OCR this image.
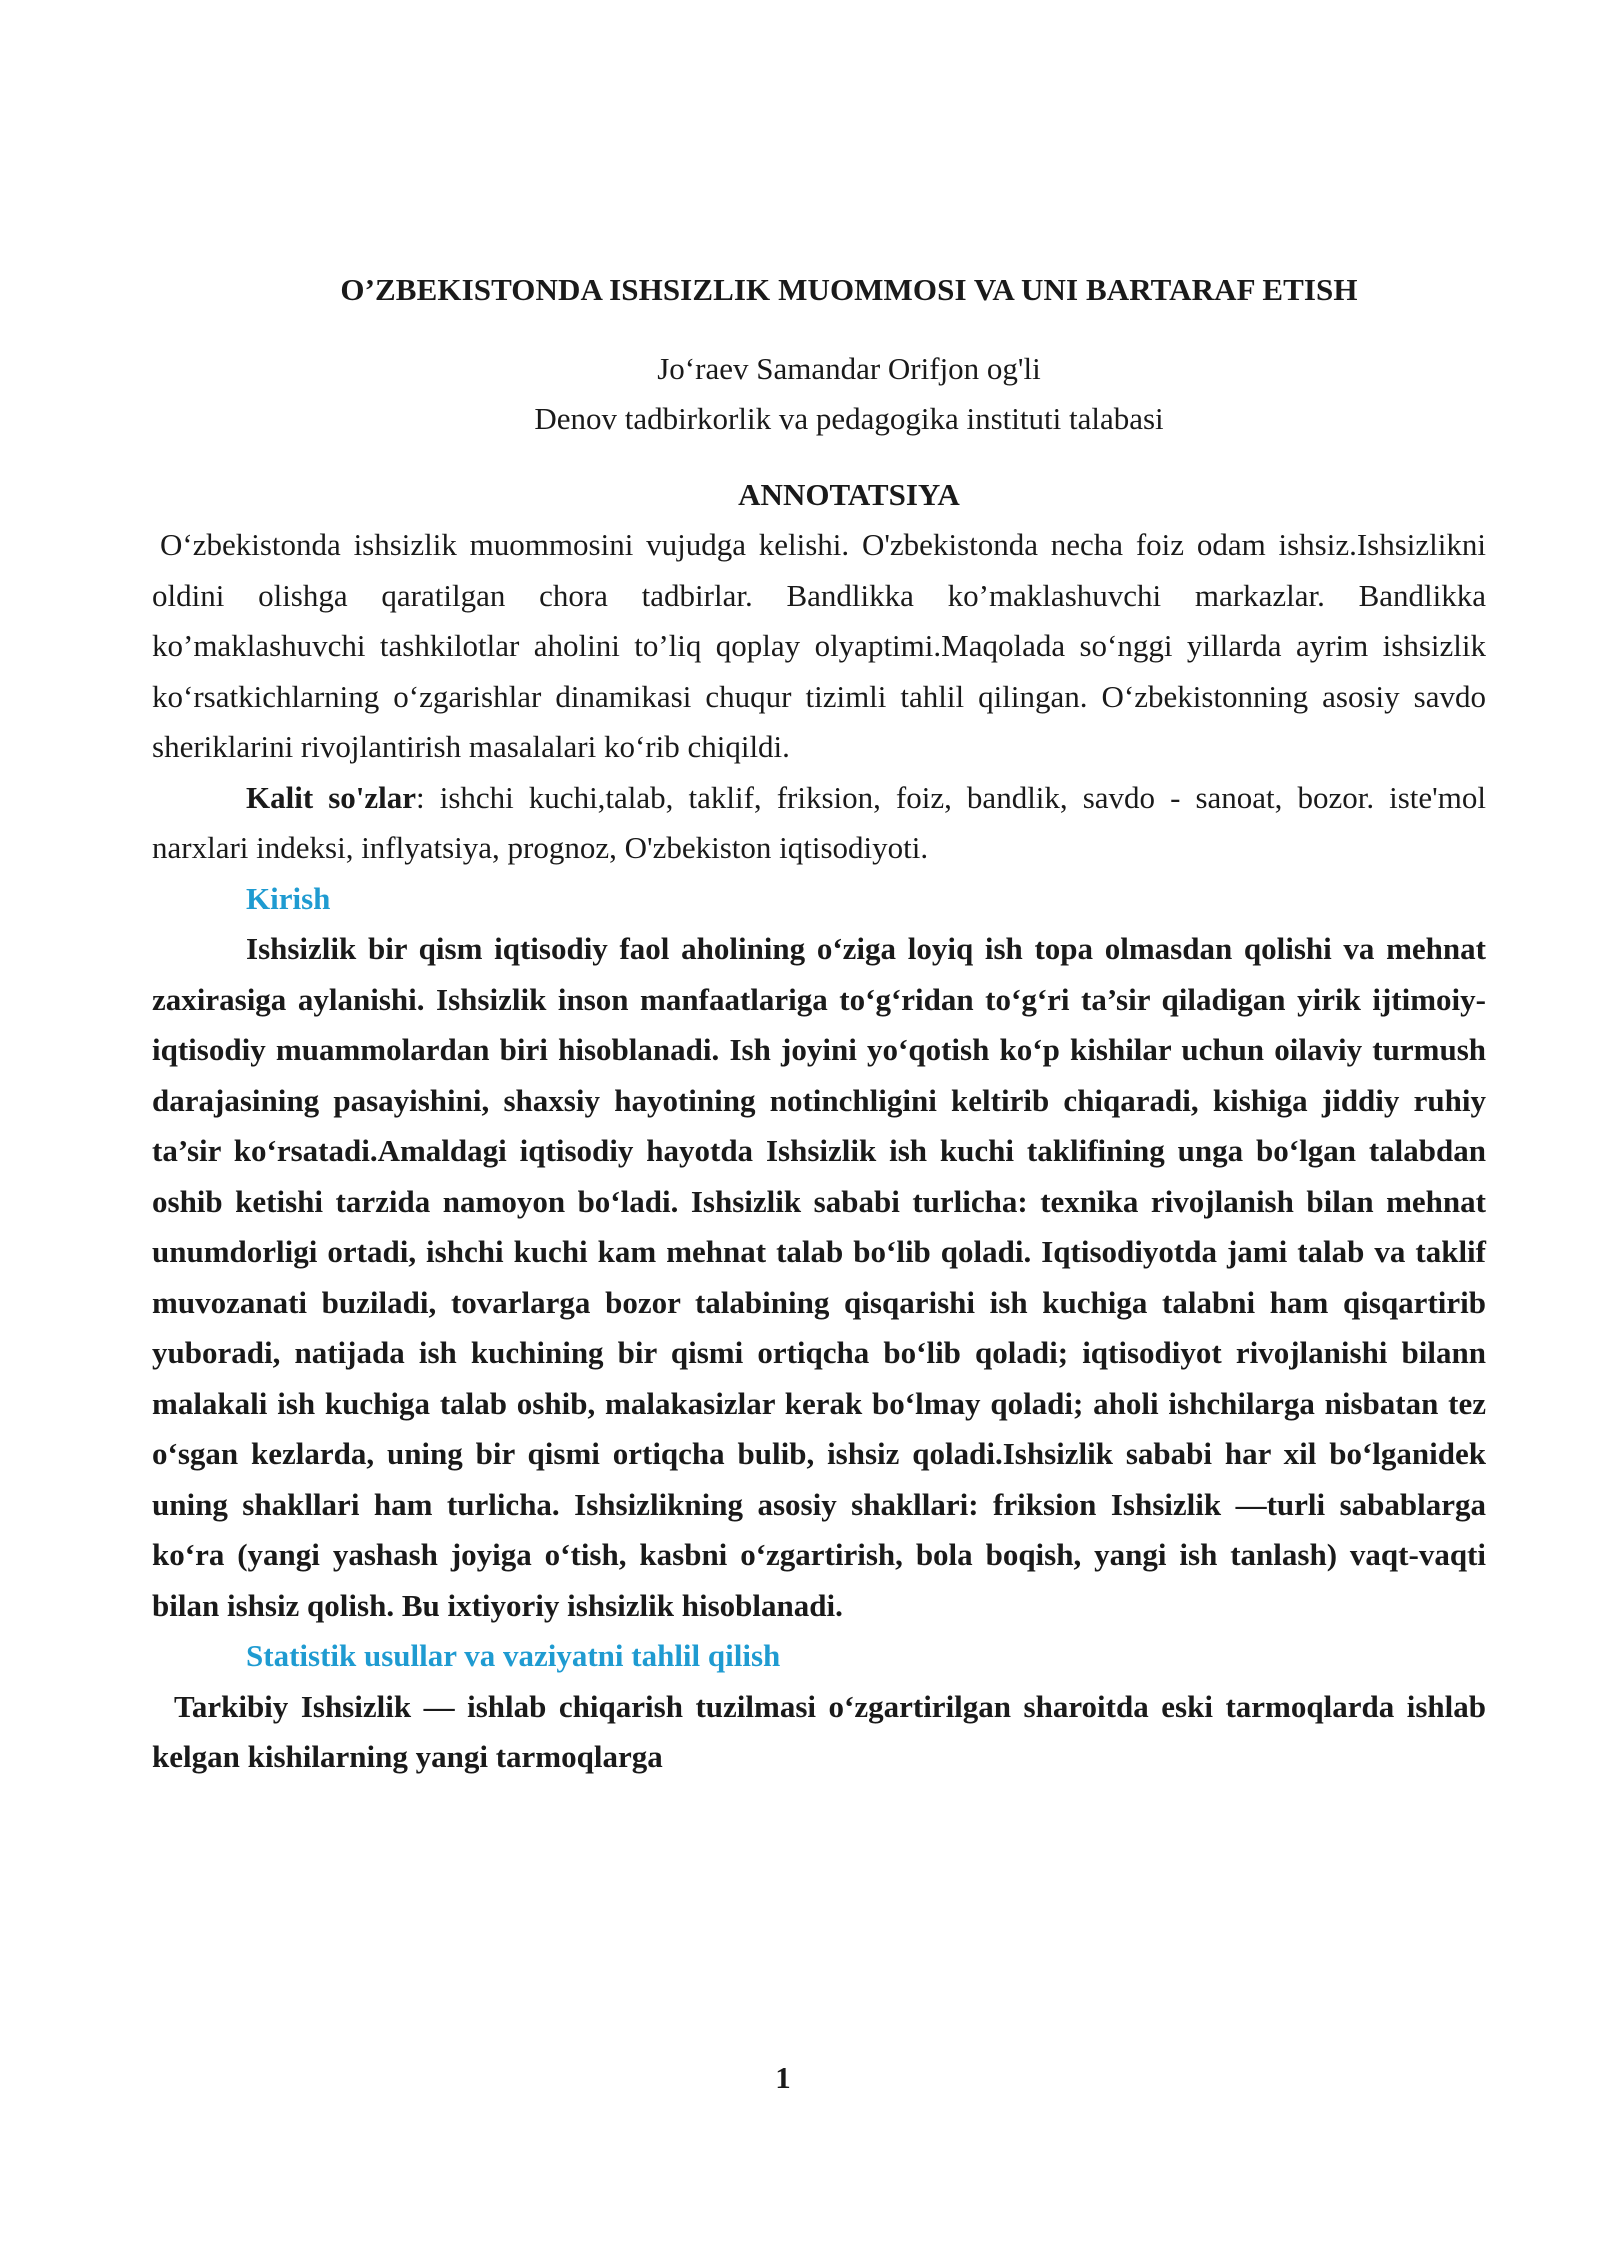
O’ZBEKISTONDA ISHSIZLIK MUOMMOSI VA UNI BARTARAF ETISH
Jo‘raev Samandar Orifjon og'li
Denov tadbirkorlik va pedagogika instituti talabasi
ANNOTATSIYA

O‘zbekistonda ishsizlik muommosini vujudga kelishi. O'zbekistonda necha foiz odam ishsiz.Ishsizlikni oldini olishga qaratilgan chora tadbirlar. Bandlikka ko’maklashuvchi markazlar. Bandlikka ko’maklashuvchi tashkilotlar aholini to’liq qoplay olyaptimi.Maqolada so‘nggi yillarda ayrim ishsizlik ko‘rsatkichlarning o‘zgarishlar dinamikasi chuqur tizimli tahlil qilingan. O‘zbekistonning asosiy savdo sheriklarini rivojlantirish masalalari ko‘rib chiqildi.

Kalit so'zlar: ishchi kuchi,talab, taklif, friksion, foiz, bandlik, savdo - sanoat, bozor. iste'mol narxlari indeksi, inflyatsiya, prognoz, O'zbekiston iqtisodiyoti.

Kirish

Ishsizlik bir qism iqtisodiy faol aholining o‘ziga loyiq ish topa olmasdan qolishi va mehnat zaxirasiga aylanishi. Ishsizlik inson manfaatlariga to‘g‘ridan to‘g‘ri ta’sir qiladigan yirik ijtimoiy-iqtisodiy muammolardan biri hisoblanadi. Ish joyini yo‘qotish ko‘p kishilar uchun oilaviy turmush darajasining pasayishini, shaxsiy hayotining notinchligini keltirib chiqaradi, kishiga jiddiy ruhiy ta’sir ko‘rsatadi.Amaldagi iqtisodiy hayotda Ishsizlik ish kuchi taklifining unga bo‘lgan talabdan oshib ketishi tarzida namoyon bo‘ladi. Ishsizlik sababi turlicha: texnika rivojlanish bilan mehnat unumdorligi ortadi, ishchi kuchi kam mehnat talab bo‘lib qoladi. Iqtisodiyotda jami talab va taklif muvozanati buziladi, tovarlarga bozor talabining qisqarishi ish kuchiga talabni ham qisqartirib yuboradi, natijada ish kuchining bir qismi ortiqcha bo‘lib qoladi; iqtisodiyot rivojlanishi bilann malakali ish kuchiga talab oshib, malakasizlar kerak bo‘lmay qoladi; aholi ishchilarga nisbatan tez o‘sgan kezlarda, uning bir qismi ortiqcha bulib, ishsiz qoladi.Ishsizlik sababi har xil bo‘lganidek uning shakllari ham turlicha. Ishsizlikning asosiy shakllari: friksion Ishsizlik —turli sabablarga ko‘ra (yangi yashash joyiga o‘tish, kasbni o‘zgartirish, bola boqish, yangi ish tanlash) vaqt-vaqti bilan ishsiz qolish. Bu ixtiyoriy ishsizlik hisoblanadi.

Statistik usullar va vaziyatni tahlil qilish

Tarkibiy Ishsizlik — ishlab chiqarish tuzilmasi o‘zgartirilgan sharoitda eski tarmoqlarda ishlab kelgan kishilarning yangi tarmoqlarga

1
